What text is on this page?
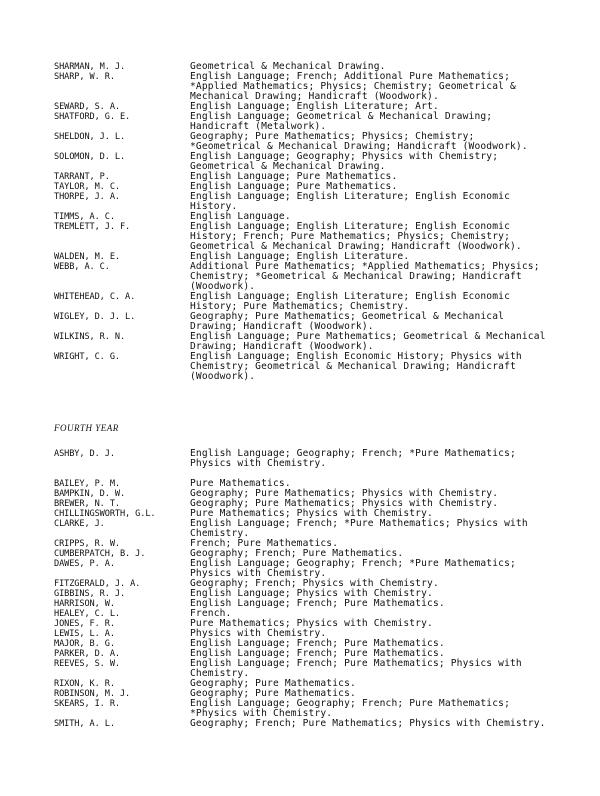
SHARMAN, M. J.	Geometrical & Mechanical Drawing.
SHARP, W. R.	English Language; French; Additional Pure Mathematics; *Applied Mathematics; Physics; Chemistry; Geometrical & Mechanical Drawing; Handicraft (Woodwork).
SEWARD, S. A.	English Language; English Literature; Art.
SHATFORD, G. E.	English Language; Geometrical & Mechanical Drawing; Handicraft (Metalwork).
SHELDON, J. L.	Geography; Pure Mathematics; Physics; Chemistry; *Geometrical & Mechanical Drawing; Handicraft (Woodwork).
SOLOMON, D. L.	English Language; Geography; Physics with Chemistry; Geometrical & Mechanical Drawing.
TARRANT, P.	English Language; Pure Mathematics.
TAYLOR, M. C.	English Language; Pure Mathematics.
THORPE, J. A.	English Language; English Literature; English Economic History.
TIMMS, A. C.	English Language.
TREMLETT, J. F.	English Language; English Literature; English Economic History; French; Pure Mathematics; Physics; Chemistry; Geometrical & Mechanical Drawing; Handicraft (Woodwork).
WALDEN, M. E.	English Language; English Literature.
WEBB, A. C.	Additional Pure Mathematics; *Applied Mathematics; Physics; Chemistry; *Geometrical & Mechanical Drawing; Handicraft (Woodwork).
WHITEHEAD, C. A.	English Language; English Literature; English Economic History; Pure Mathematics; Chemistry.
WIGLEY, D. J. L.	Geography; Pure Mathematics; Geometrical & Mechanical Drawing; Handicraft (Woodwork).
WILKINS, R. N.	English Language; Pure Mathematics; Geometrical & Mechanical Drawing; Handicraft (Woodwork).
WRIGHT, C. G.	English Language; English Economic History; Physics with Chemistry; Geometrical & Mechanical Drawing; Handicraft (Woodwork).
FOURTH YEAR
ASHBY, D. J.	English Language; Geography; French; *Pure Mathematics; Physics with Chemistry.
BAILEY, P. M.	Pure Mathematics.
BAMPKIN, D. W.	Geography; Pure Mathematics; Physics with Chemistry.
BREWER, N. T.	Geography; Pure Mathematics; Physics with Chemistry.
CHILLINGSWORTH, G.L.	Pure Mathematics; Physics with Chemistry.
CLARKE, J.	English Language; French; *Pure Mathematics; Physics with Chemistry.
CRIPPS, R. W.	French; Pure Mathematics.
CUMBERPATCH, B. J.	Geography; French; Pure Mathematics.
DAWES, P. A.	English Language; Geography; French; *Pure Mathematics; Physics with Chemistry.
FITZGERALD, J. A.	Geography; French; Physics with Chemistry.
GIBBINS, R. J.	English Language; Physics with Chemistry.
HARRISON, W.	English Language; French; Pure Mathematics.
HEALEY, C. L.	French.
JONES, F. R.	Pure Mathematics; Physics with Chemistry.
LEWIS, L. A.	Physics with Chemistry.
MAJOR, B. G.	English Language; French; Pure Mathematics.
PARKER, D. A.	English Language; French; Pure Mathematics.
REEVES, S. W.	English Language; French; Pure Mathematics; Physics with Chemistry.
RIXON, K. R.	Geography; Pure Mathematics.
ROBINSON, M. J.	Geography; Pure Mathematics.
SKEARS, I. R.	English Language; Geography; French; Pure Mathematics; *Physics with Chemistry.
SMITH, A. L.	Geography; French; Pure Mathematics; Physics with Chemistry.
